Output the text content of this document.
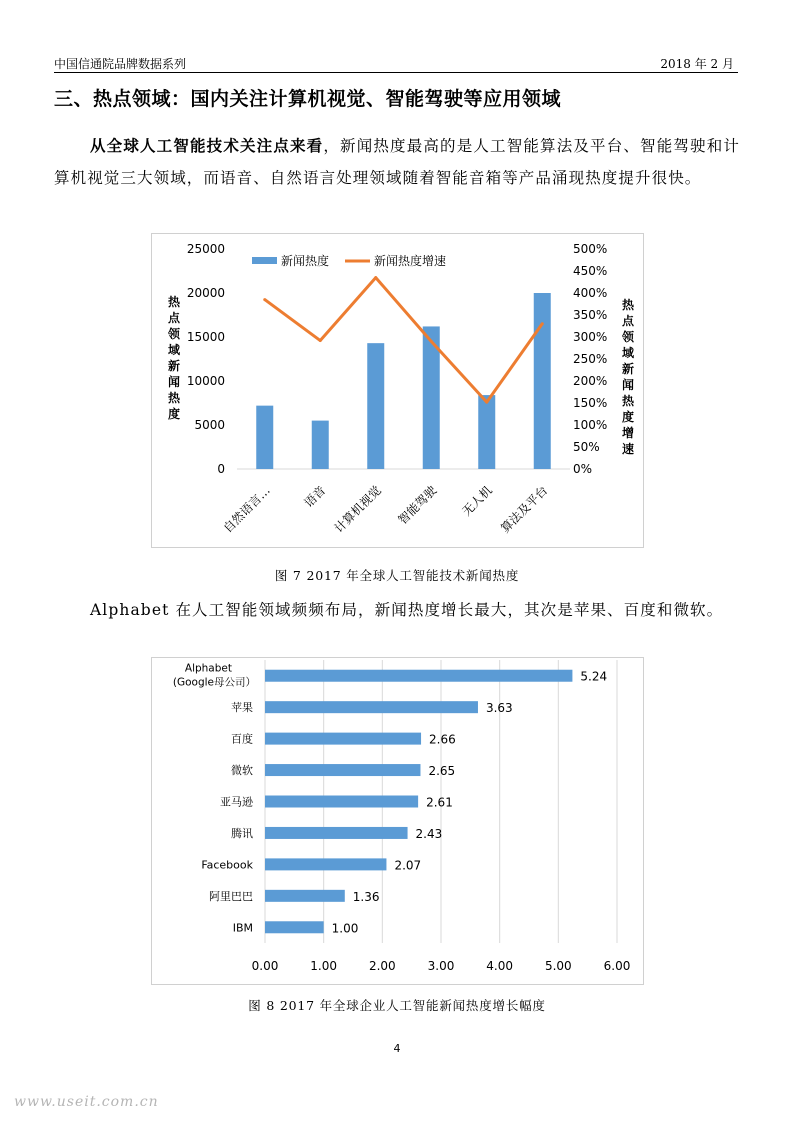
中国信通院品牌数据系列	2018 年 2 月
三、热点领域：国内关注计算机视觉、智能驾驶等应用领域
从全球人工智能技术关注点来看，新闻热度最高的是人工智能算法及平台、智能驾驶和计算机视觉三大领域，而语音、自然语言处理领域随着智能音箱等产品涌现热度提升很快。
0
5000
10000
15000
20000
25000
0%
50%
100%
150%
200%
250%
300%
350%
400%
450%
500%
自然语言… 语音 计算机视觉 智能驾驶 无人机 算法及平台
热点领域新闻热度
热点领域新闻热度增速
新闻热度	新闻热度增速
图 7 2017 年全球人工智能技术新闻热度
Alphabet 在人工智能领域频频布局，新闻热度增长最大，其次是苹果、百度和微软。
0.00	1.00	2.00	3.00	4.00	5.00	6.00
5.24
3.63
2.66
2.65
2.61
2.43
2.07
1.36
1.00
Alphabet
(Google母公司）
苹果
百度
微软
亚马逊
腾讯
Facebook
阿里巴巴
IBM
图 8 2017 年全球企业人工智能新闻热度增长幅度
4
www.useit.com.cn
